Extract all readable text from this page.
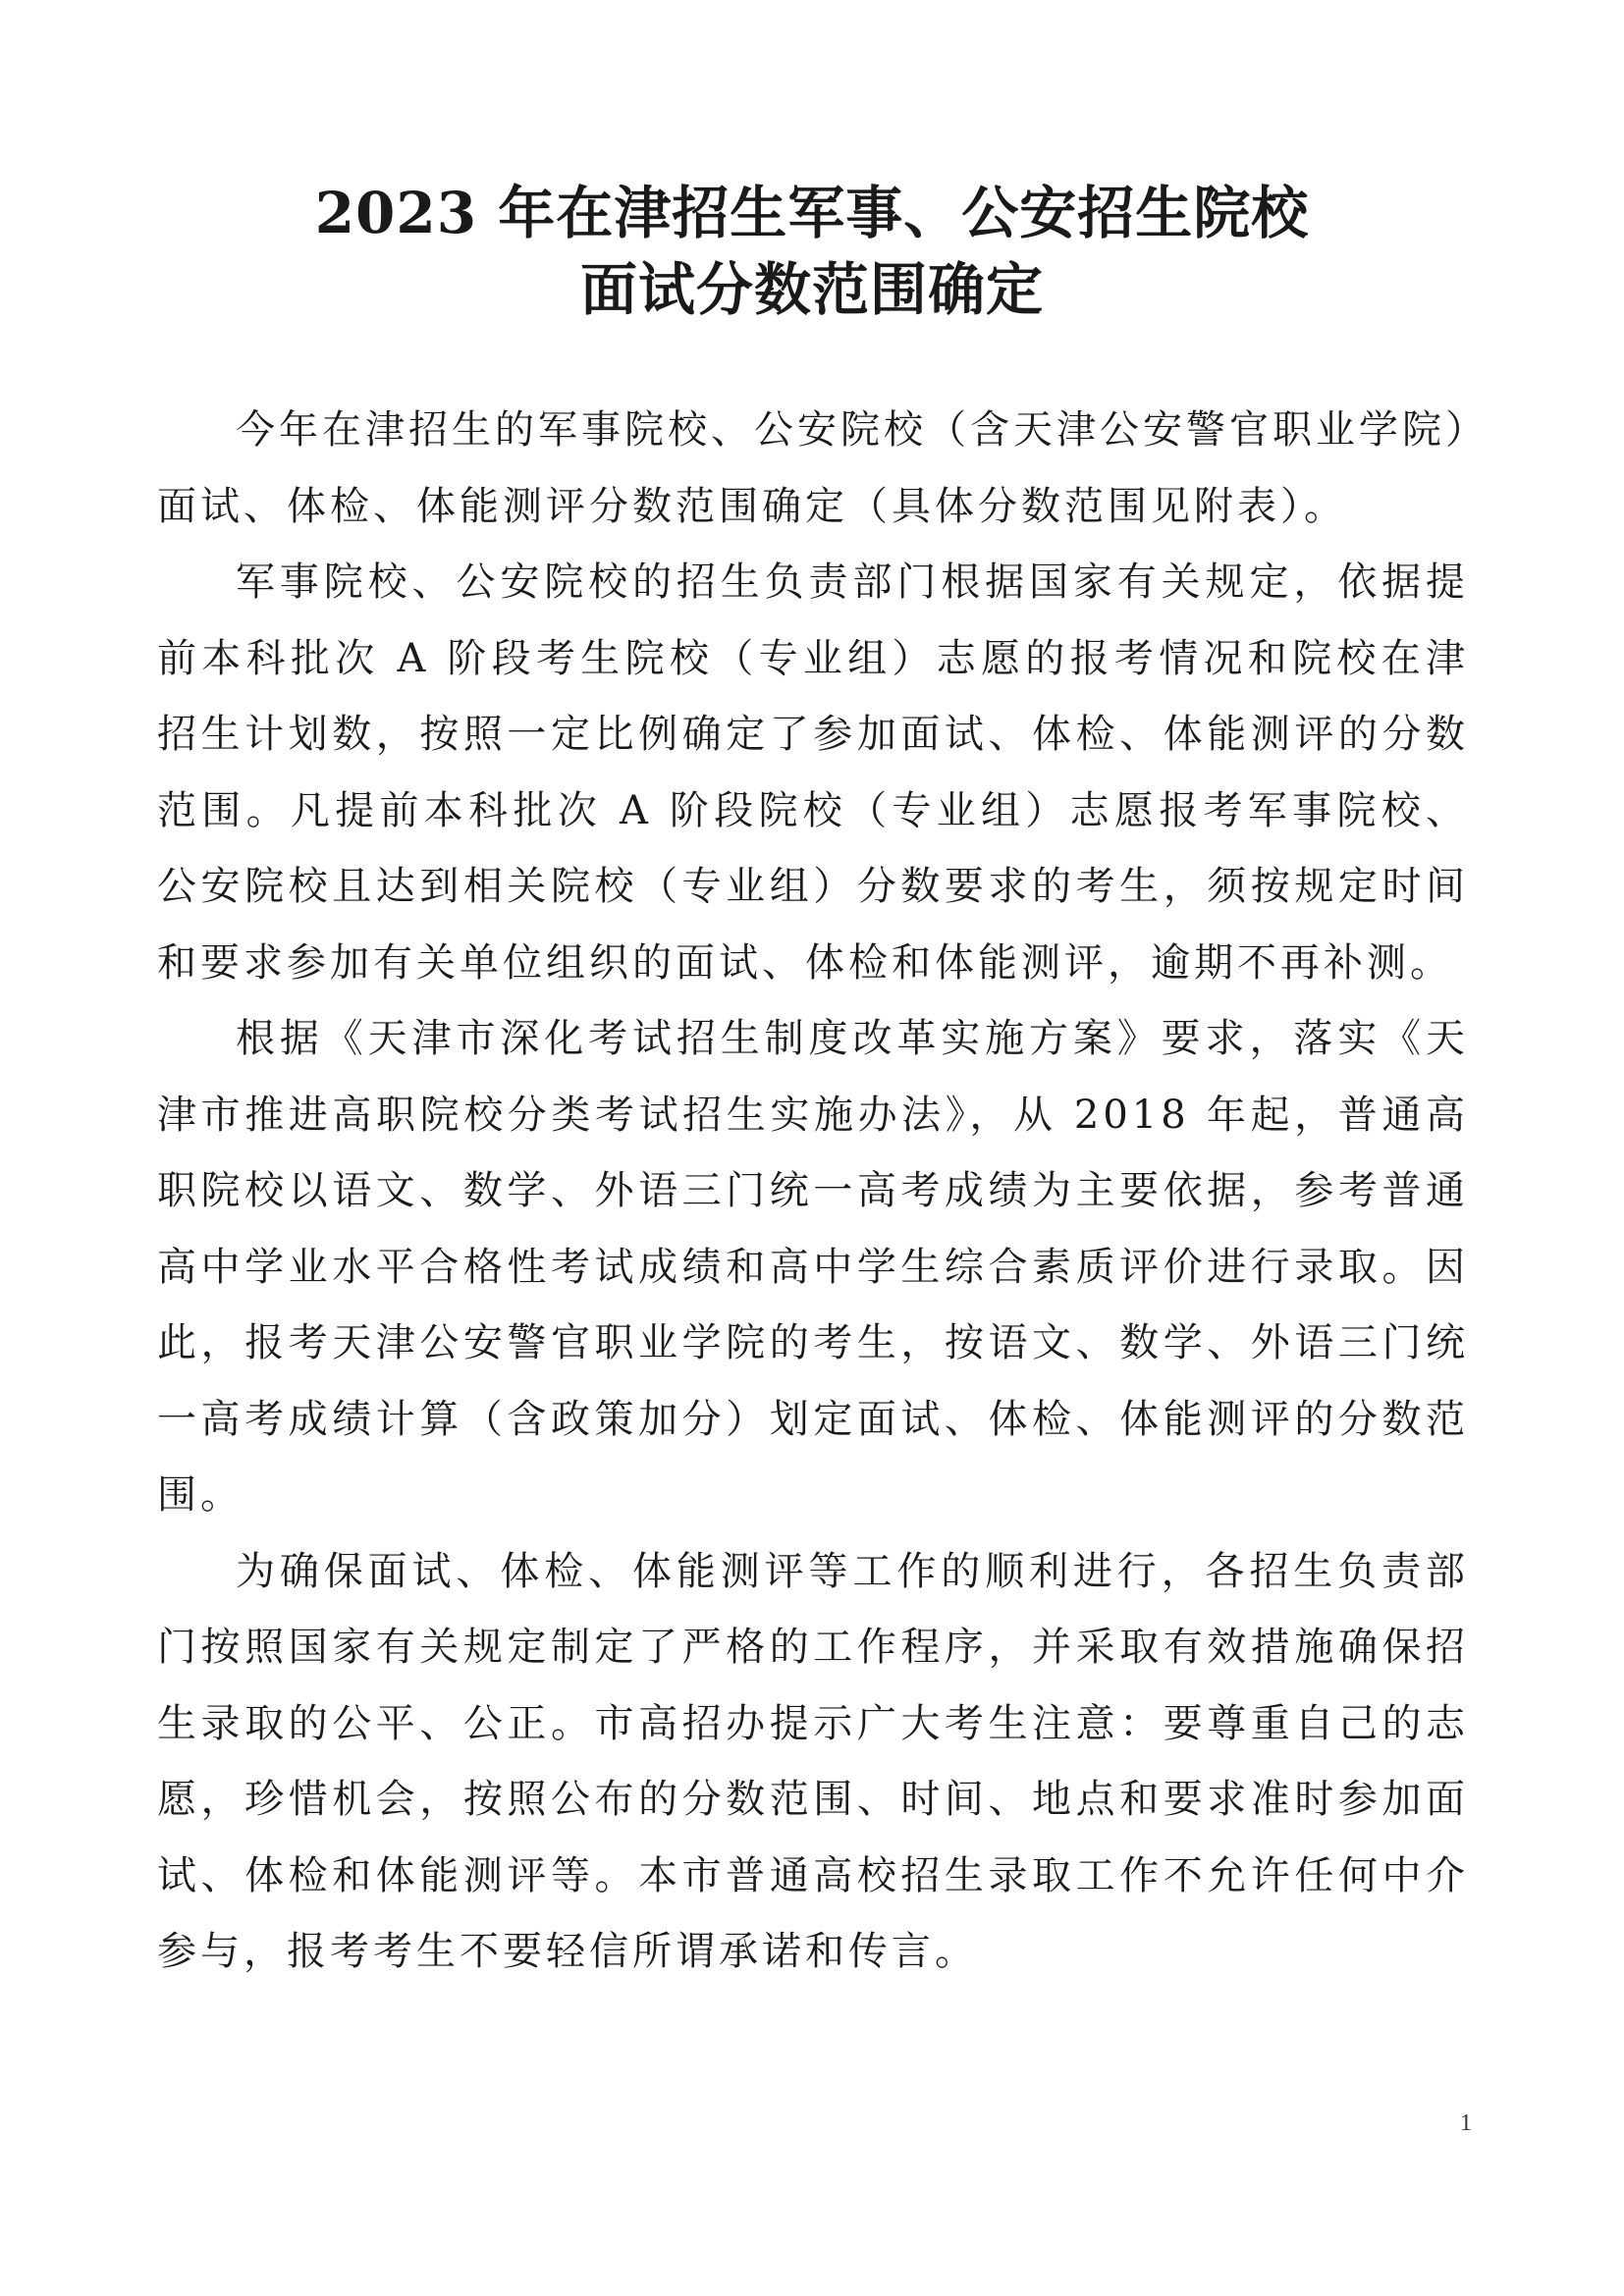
2023 年在津招生军事、公安招生院校
面试分数范围确定

今年在津招生的军事院校、公安院校（含天津公安警官职业学院）面试、体检、体能测评分数范围确定（具体分数范围见附表）。

军事院校、公安院校的招生负责部门根据国家有关规定，依据提前本科批次 A 阶段考生院校（专业组）志愿的报考情况和院校在津招生计划数，按照一定比例确定了参加面试、体检、体能测评的分数范围。凡提前本科批次 A 阶段院校（专业组）志愿报考军事院校、公安院校且达到相关院校（专业组）分数要求的考生，须按规定时间和要求参加有关单位组织的面试、体检和体能测评，逾期不再补测。

根据《天津市深化考试招生制度改革实施方案》要求，落实《天津市推进高职院校分类考试招生实施办法》，从 2018 年起，普通高职院校以语文、数学、外语三门统一高考成绩为主要依据，参考普通高中学业水平合格性考试成绩和高中学生综合素质评价进行录取。因此，报考天津公安警官职业学院的考生，按语文、数学、外语三门统一高考成绩计算（含政策加分）划定面试、体检、体能测评的分数范围。

为确保面试、体检、体能测评等工作的顺利进行，各招生负责部门按照国家有关规定制定了严格的工作程序，并采取有效措施确保招生录取的公平、公正。市高招办提示广大考生注意：要尊重自己的志愿，珍惜机会，按照公布的分数范围、时间、地点和要求准时参加面试、体检和体能测评等。本市普通高校招生录取工作不允许任何中介参与，报考考生不要轻信所谓承诺和传言。

1
